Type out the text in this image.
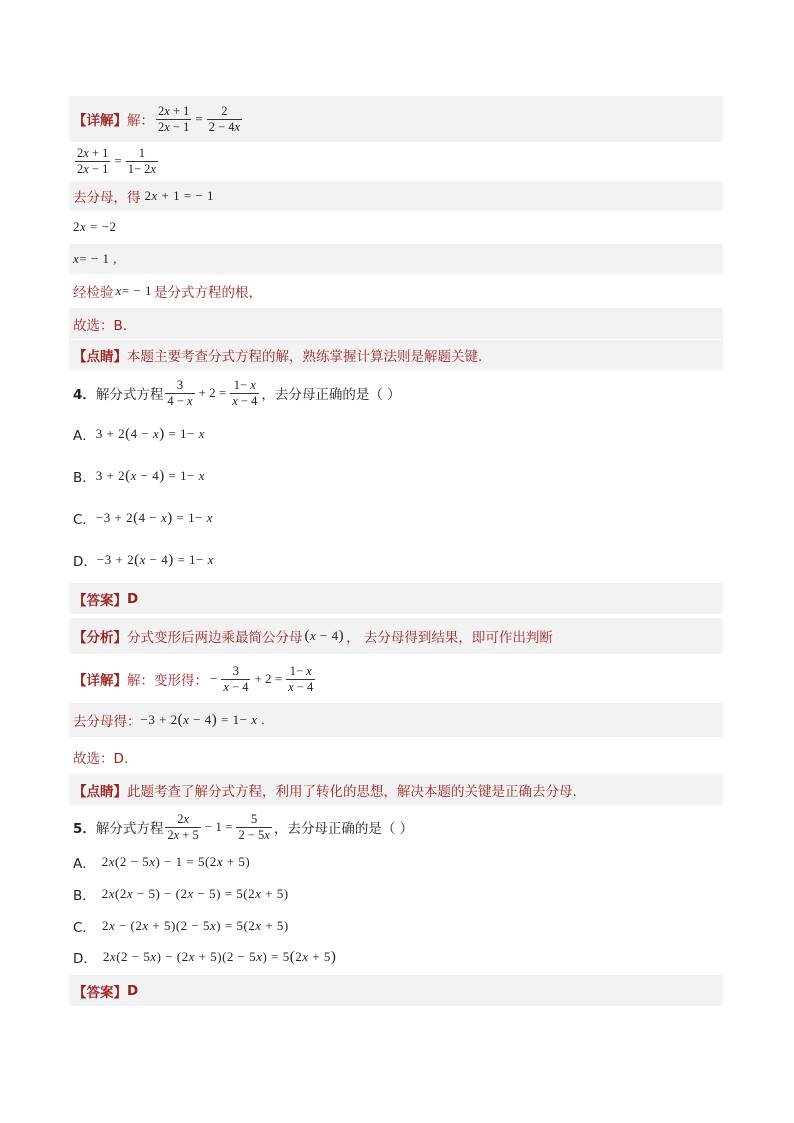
【详解】 解： $\frac{2x + 1}{2x - 1} = \frac{2}{2 - 4x}$
$\frac{2x + 1}{2x - 1} = \frac{1}{1- 2x}$
去分母，得 2x + 1 = − 1
2x = −2
x= − 1 ,
经检验 x= − 1 是分式方程的根，
故选：B.
【点睛】 本题主要考查分式方程的解，熟练掌握计算法则是解题关键.
4． 解分式方程 $\frac{3}{4 - x} + 2 = \frac{1- x}{x - 4}$ ，去分母正确的是（ ）
A． 3 + 2(4 − x) = 1− x
B． 3 + 2(x − 4) = 1− x
C． −3 + 2(4 − x) = 1− x
D． −3 + 2(x − 4) = 1− x
【答案】 D
【分析】 分式变形后两边乘最简公分母 (x − 4) ， 去分母得到结果，即可作出判断
【详解】 解：变形得： − $\frac{3}{x - 4} + 2 = \frac{1- x}{x - 4}$
去分母得： −3 + 2(x − 4) = 1− x .
故选：D.
【点睛】 此题考查了解分式方程，利用了转化的思想，解决本题的关键是正确去分母.
5． 解分式方程 $\frac{2x}{2x + 5} - 1 = \frac{5}{2 - 5x}$ ，去分母正确的是（ ）
A． 2x(2 − 5x) − 1 = 5(2x + 5)
B． 2x(2x − 5) − (2x − 5) = 5(2x + 5)
C． 2x − (2x + 5)(2 − 5x) = 5(2x + 5)
D． 2x(2 − 5x) − (2x + 5)(2 − 5x) = 5(2x + 5)
【答案】 D
